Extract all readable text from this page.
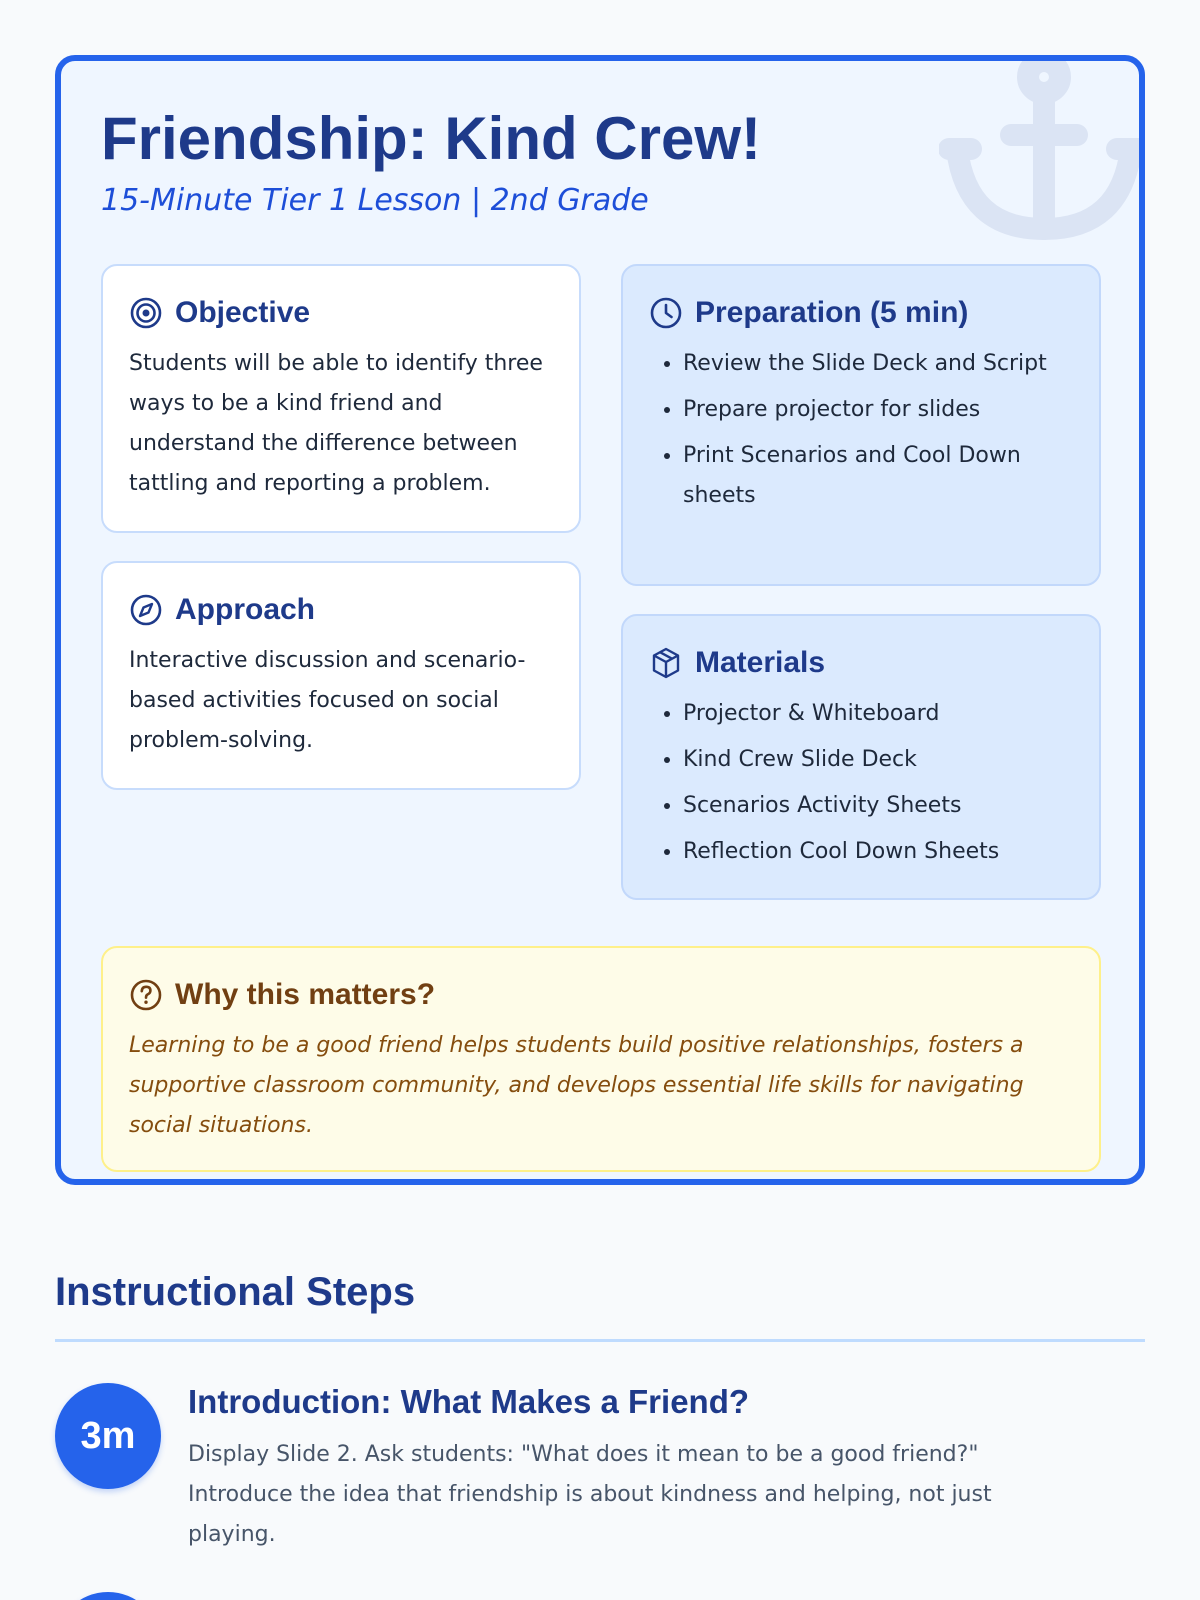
Friendship: Kind Crew!

15-Minute Tier 1 Lesson | 2nd Grade

Objective

Students will be able to identify three ways to be a kind friend and understand the difference between tattling and reporting a problem.

Approach

Interactive discussion and scenario-based activities focused on social problem-solving.

Preparation (5 min)
• Review the Slide Deck and Script
• Prepare projector for slides
• Print Scenarios and Cool Down sheets
Materials
• Projector & Whiteboard
• Kind Crew Slide Deck
• Scenarios Activity Sheets
• Reflection Cool Down Sheets
Why this matters?

Learning to be a good friend helps students build positive relationships, fosters a supportive classroom community, and develops essential life skills for navigating social situations.

Instructional Steps
3m
Introduction: What Makes a Friend?

Display Slide 2. Ask students: "What does it mean to be a good friend?" Introduce the idea that friendship is about kindness and helping, not just playing.
